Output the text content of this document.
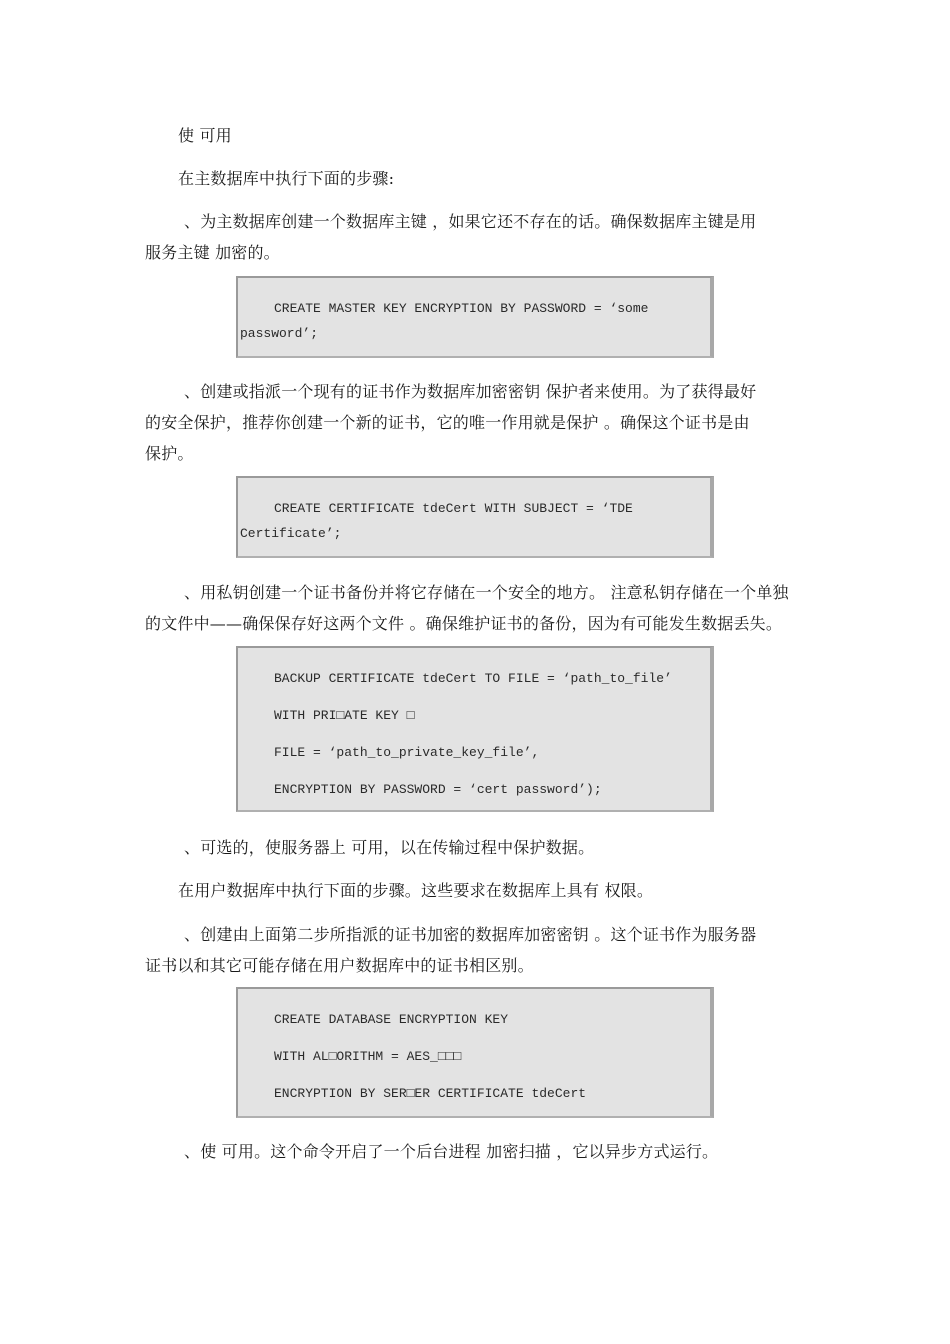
使 可用
在主数据库中执行下面的步骤:
、为主数据库创建一个数据库主键 ，如果它还不存在的话。确保数据库主键是用
服务主键 加密的。
CREATE MASTER KEY ENCRYPTION BY PASSWORD = ‘some
password’;
、创建或指派一个现有的证书作为数据库加密密钥 保护者来使用。为了获得最好
的安全保护，推荐你创建一个新的证书，它的唯一作用就是保护 。确保这个证书是由
保护。
CREATE CERTIFICATE tdeCert WITH SUBJECT = ‘TDE
Certificate’;
、用私钥创建一个证书备份并将它存储在一个安全的地方。 注意私钥存储在一个单独
的文件中——确保保存好这两个文件 。确保维护证书的备份，因为有可能发生数据丢失。
BACKUP CERTIFICATE tdeCert TO FILE = ‘path_to_file’
WITH PRI□ATE KEY □
FILE = ‘path_to_private_key_file’,
ENCRYPTION BY PASSWORD = ‘cert password’);
、可选的，使服务器上 可用，以在传输过程中保护数据。
在用户数据库中执行下面的步骤。这些要求在数据库上具有 权限。
、创建由上面第二步所指派的证书加密的数据库加密密钥 。这个证书作为服务器
证书以和其它可能存储在用户数据库中的证书相区别。
CREATE DATABASE ENCRYPTION KEY
WITH AL□ORITHM = AES_□□□
ENCRYPTION BY SER□ER CERTIFICATE tdeCert
、使 可用。这个命令开启了一个后台进程 加密扫描 ，它以异步方式运行。
